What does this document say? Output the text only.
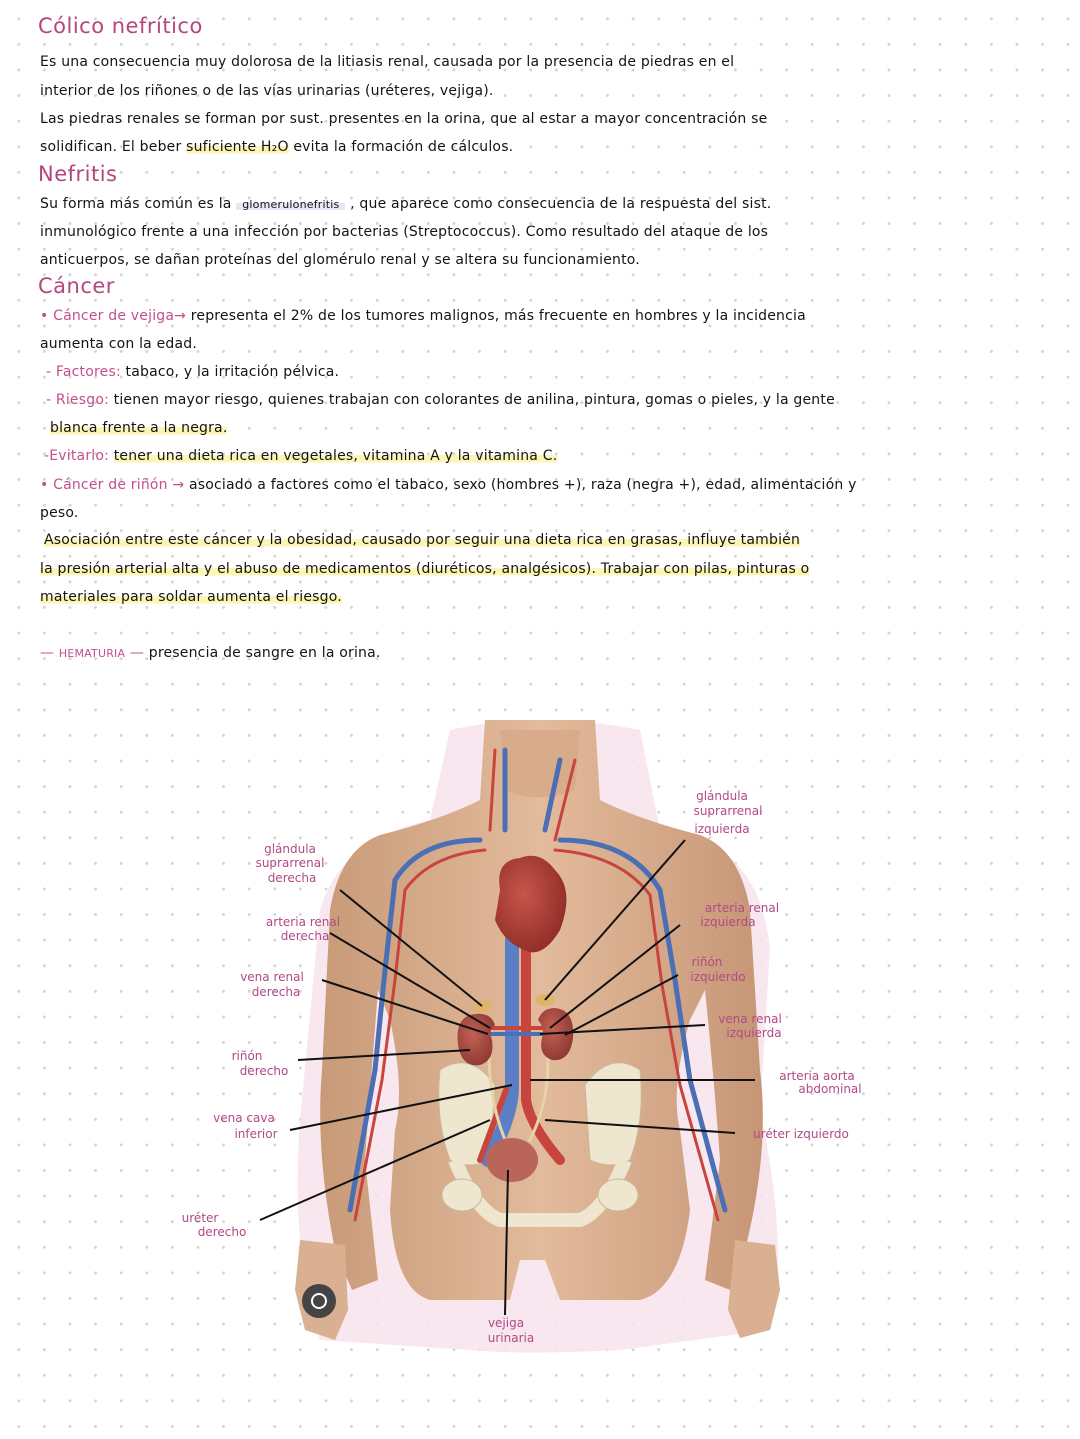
Cólico nefrítico
Es una consecuencia muy dolorosa de la litiasis renal, causada por la presencia de piedras en el
interior de los riñones o de las vías urinarias (uréteres, vejiga).
Las piedras renales se forman por sust. presentes en la orina, que al estar a mayor concentración se
solidifican. El beber suficiente H₂O evita la formación de cálculos.
Nefritis
Su forma más común es la glomerulonefritis , que aparece como consecuencia de la respuesta del sist.
inmunológico frente a una infección por bacterias (Streptococcus). Como resultado del ataque de los
anticuerpos, se dañan proteínas del glomérulo renal y se altera su funcionamiento.
Cáncer
• Cáncer de vejiga→ representa el 2% de los tumores malignos, más frecuente en hombres y la incidencia
aumenta con la edad.
- Factores: tabaco, y la irritación pélvica.
- Riesgo: tienen mayor riesgo, quienes trabajan con colorantes de anilina, pintura, gomas o pieles, y la gente
blanca frente a la negra.
-Evitarlo: tener una dieta rica en vegetales, vitamina A y la vitamina C.
• Cáncer de riñón → asociado a factores como el tabaco, sexo (hombres +), raza (negra +), edad, alimentación y
peso.
Asociación entre este cáncer y la obesidad, causado por seguir una dieta rica en grasas, influye también
la presión arterial alta y el abuso de medicamentos (diuréticos, analgésicos). Trabajar con pilas, pinturas o
materiales para soldar aumenta el riesgo.
— HEMATURIA — presencia de sangre en la orina.
glándula
suprarrenal
derecha
arteria renal
derecha
vena renal
derecha
riñón
derecho
vena cava
inferior
uréter
derecho
glándula
suprarrenal
izquierda
arteria renal
izquierda
riñón
izquierdo
vena renal
izquierda
arteria aorta
abdominal
uréter izquierdo
vejiga
urinaria
